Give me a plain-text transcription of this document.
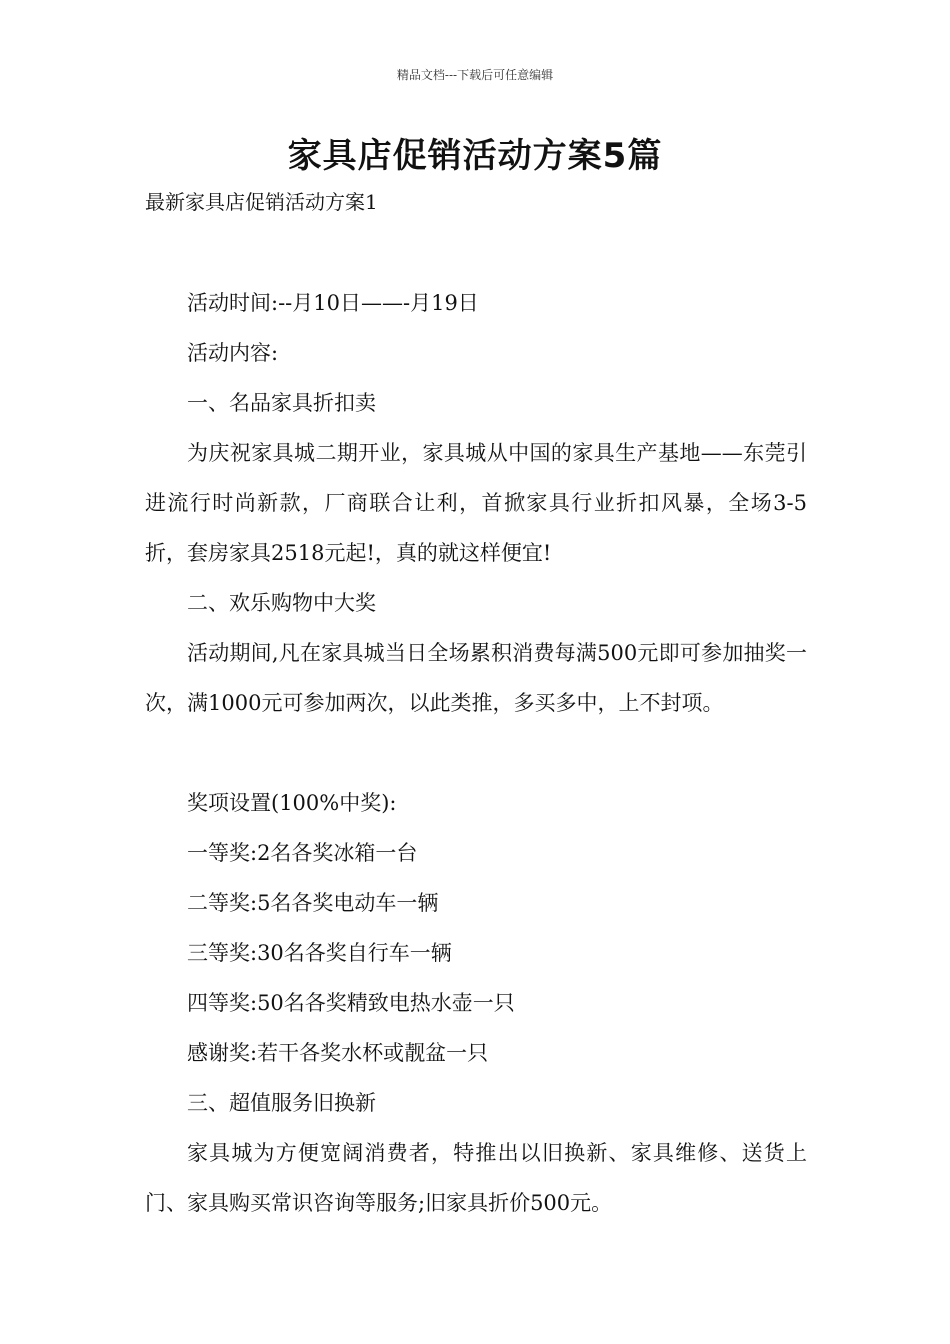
精品文档---下载后可任意编辑
家具店促销活动方案5篇

最新家具店促销活动方案1

活动时间:--月10日——-月19日

活动内容:

一、名品家具折扣卖

为庆祝家具城二期开业，家具城从中国的家具生产基地——东莞引进流行时尚新款，厂商联合让利，首掀家具行业折扣风暴，全场3-5折，套房家具2518元起!，真的就这样便宜!

二、欢乐购物中大奖

活动期间,凡在家具城当日全场累积消费每满500元即可参加抽奖一次，满1000元可参加两次，以此类推，多买多中，上不封项。

奖项设置(100%中奖):

一等奖:2名各奖冰箱一台

二等奖:5名各奖电动车一辆

三等奖:30名各奖自行车一辆

四等奖:50名各奖精致电热水壶一只

感谢奖:若干各奖水杯或靓盆一只

三、超值服务旧换新

家具城为方便宽阔消费者，特推出以旧换新、家具维修、送货上门、家具购买常识咨询等服务;旧家具折价500元。
